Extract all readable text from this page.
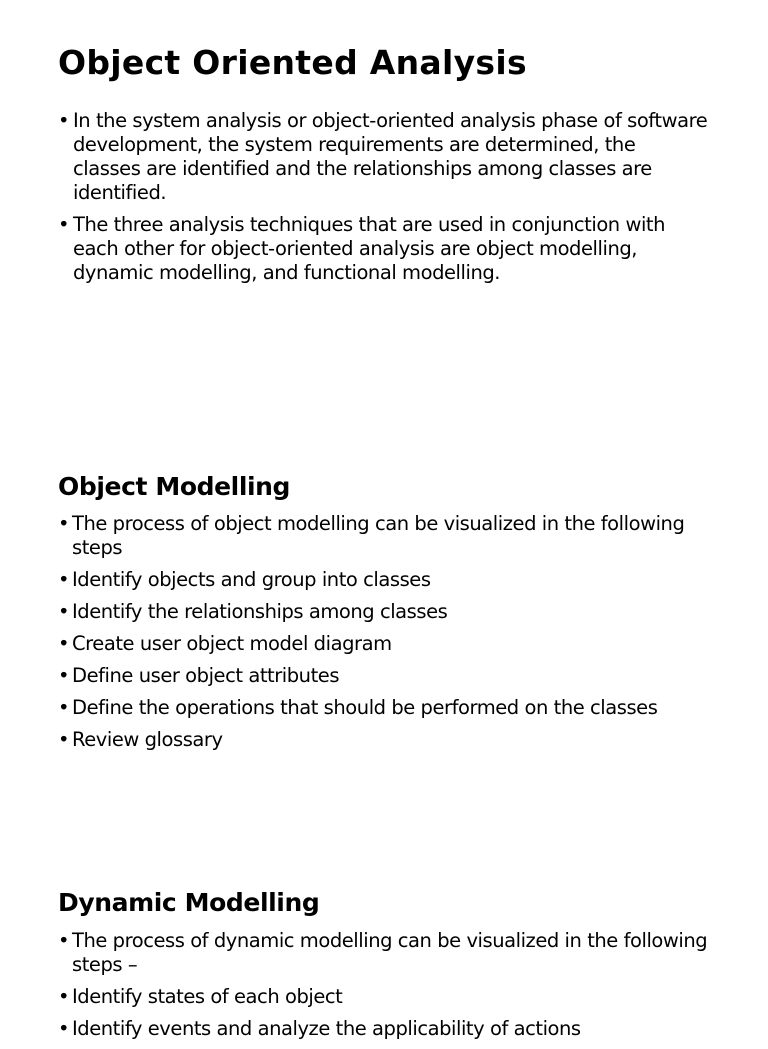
Object Oriented Analysis
• In the system analysis or object-oriented analysis phase of software development, the system requirements are determined, the classes are identified and the relationships among classes are identified.
• The three analysis techniques that are used in conjunction with each other for object-oriented analysis are object modelling, dynamic modelling, and functional modelling.
Object Modelling
• The process of object modelling can be visualized in the following steps
• Identify objects and group into classes
• Identify the relationships among classes
• Create user object model diagram
• Define user object attributes
• Define the operations that should be performed on the classes
• Review glossary
Dynamic Modelling
• The process of dynamic modelling can be visualized in the following steps –
• Identify states of each object
• Identify events and analyze the applicability of actions
